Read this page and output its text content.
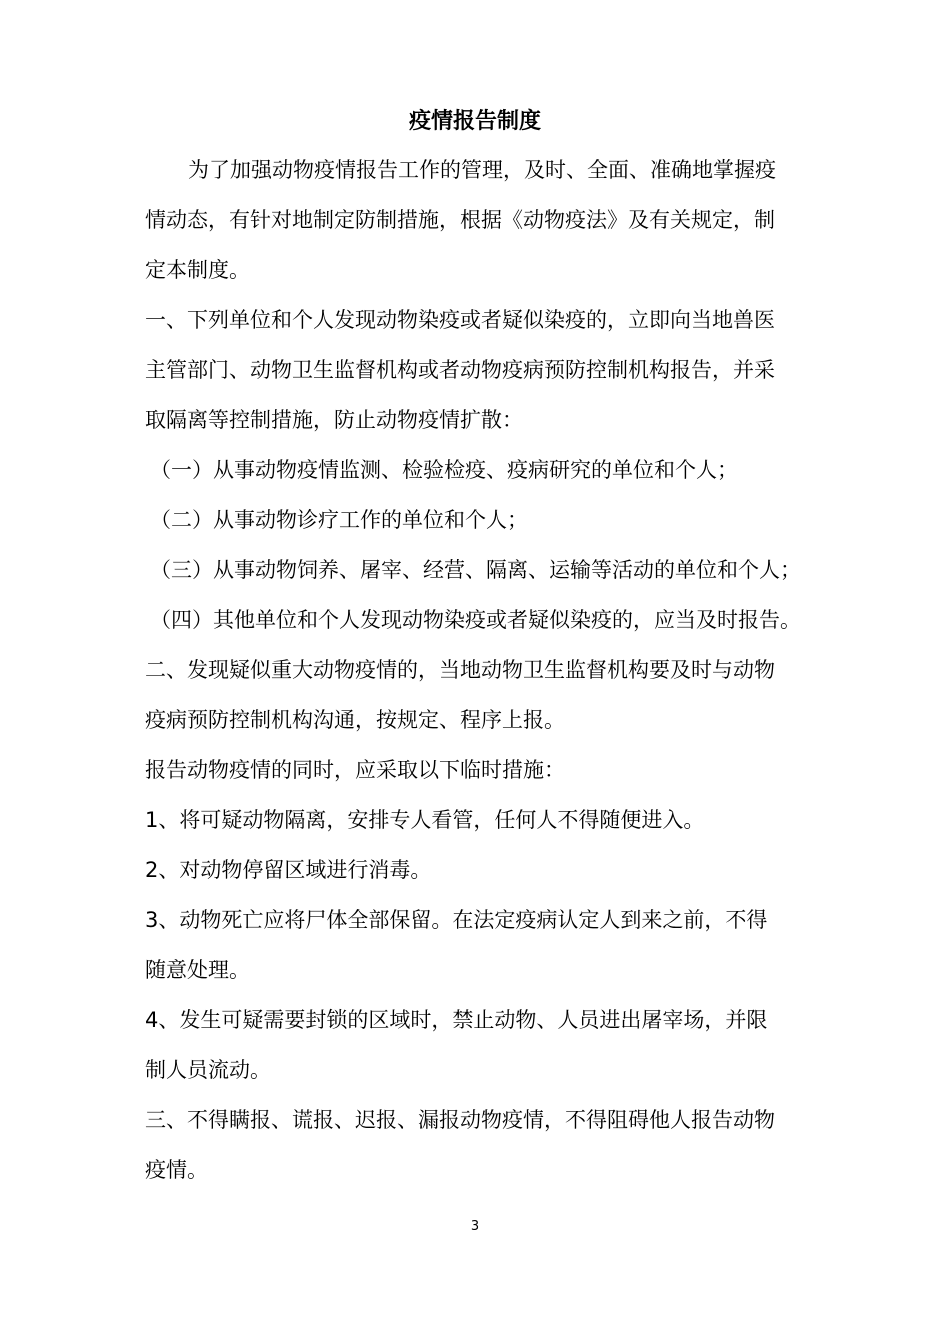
疫情报告制度
为了加强动物疫情报告工作的管理，及时、全面、准确地掌握疫
情动态，有针对地制定防制措施，根据《动物疫法》及有关规定，制
定本制度。
一、下列单位和个人发现动物染疫或者疑似染疫的，立即向当地兽医
主管部门、动物卫生监督机构或者动物疫病预防控制机构报告，并采
取隔离等控制措施，防止动物疫情扩散：
（一）从事动物疫情监测、检验检疫、疫病研究的单位和个人；
（二）从事动物诊疗工作的单位和个人；
（三）从事动物饲养、屠宰、经营、隔离、运输等活动的单位和个人；
（四）其他单位和个人发现动物染疫或者疑似染疫的，应当及时报告。
二、发现疑似重大动物疫情的，当地动物卫生监督机构要及时与动物
疫病预防控制机构沟通，按规定、程序上报。
报告动物疫情的同时，应采取以下临时措施：
1、将可疑动物隔离，安排专人看管，任何人不得随便进入。
2、对动物停留区域进行消毒。
3、动物死亡应将尸体全部保留。在法定疫病认定人到来之前，不得
随意处理。
4、发生可疑需要封锁的区域时，禁止动物、人员进出屠宰场，并限
制人员流动。
三、不得瞒报、谎报、迟报、漏报动物疫情，不得阻碍他人报告动物
疫情。
3
